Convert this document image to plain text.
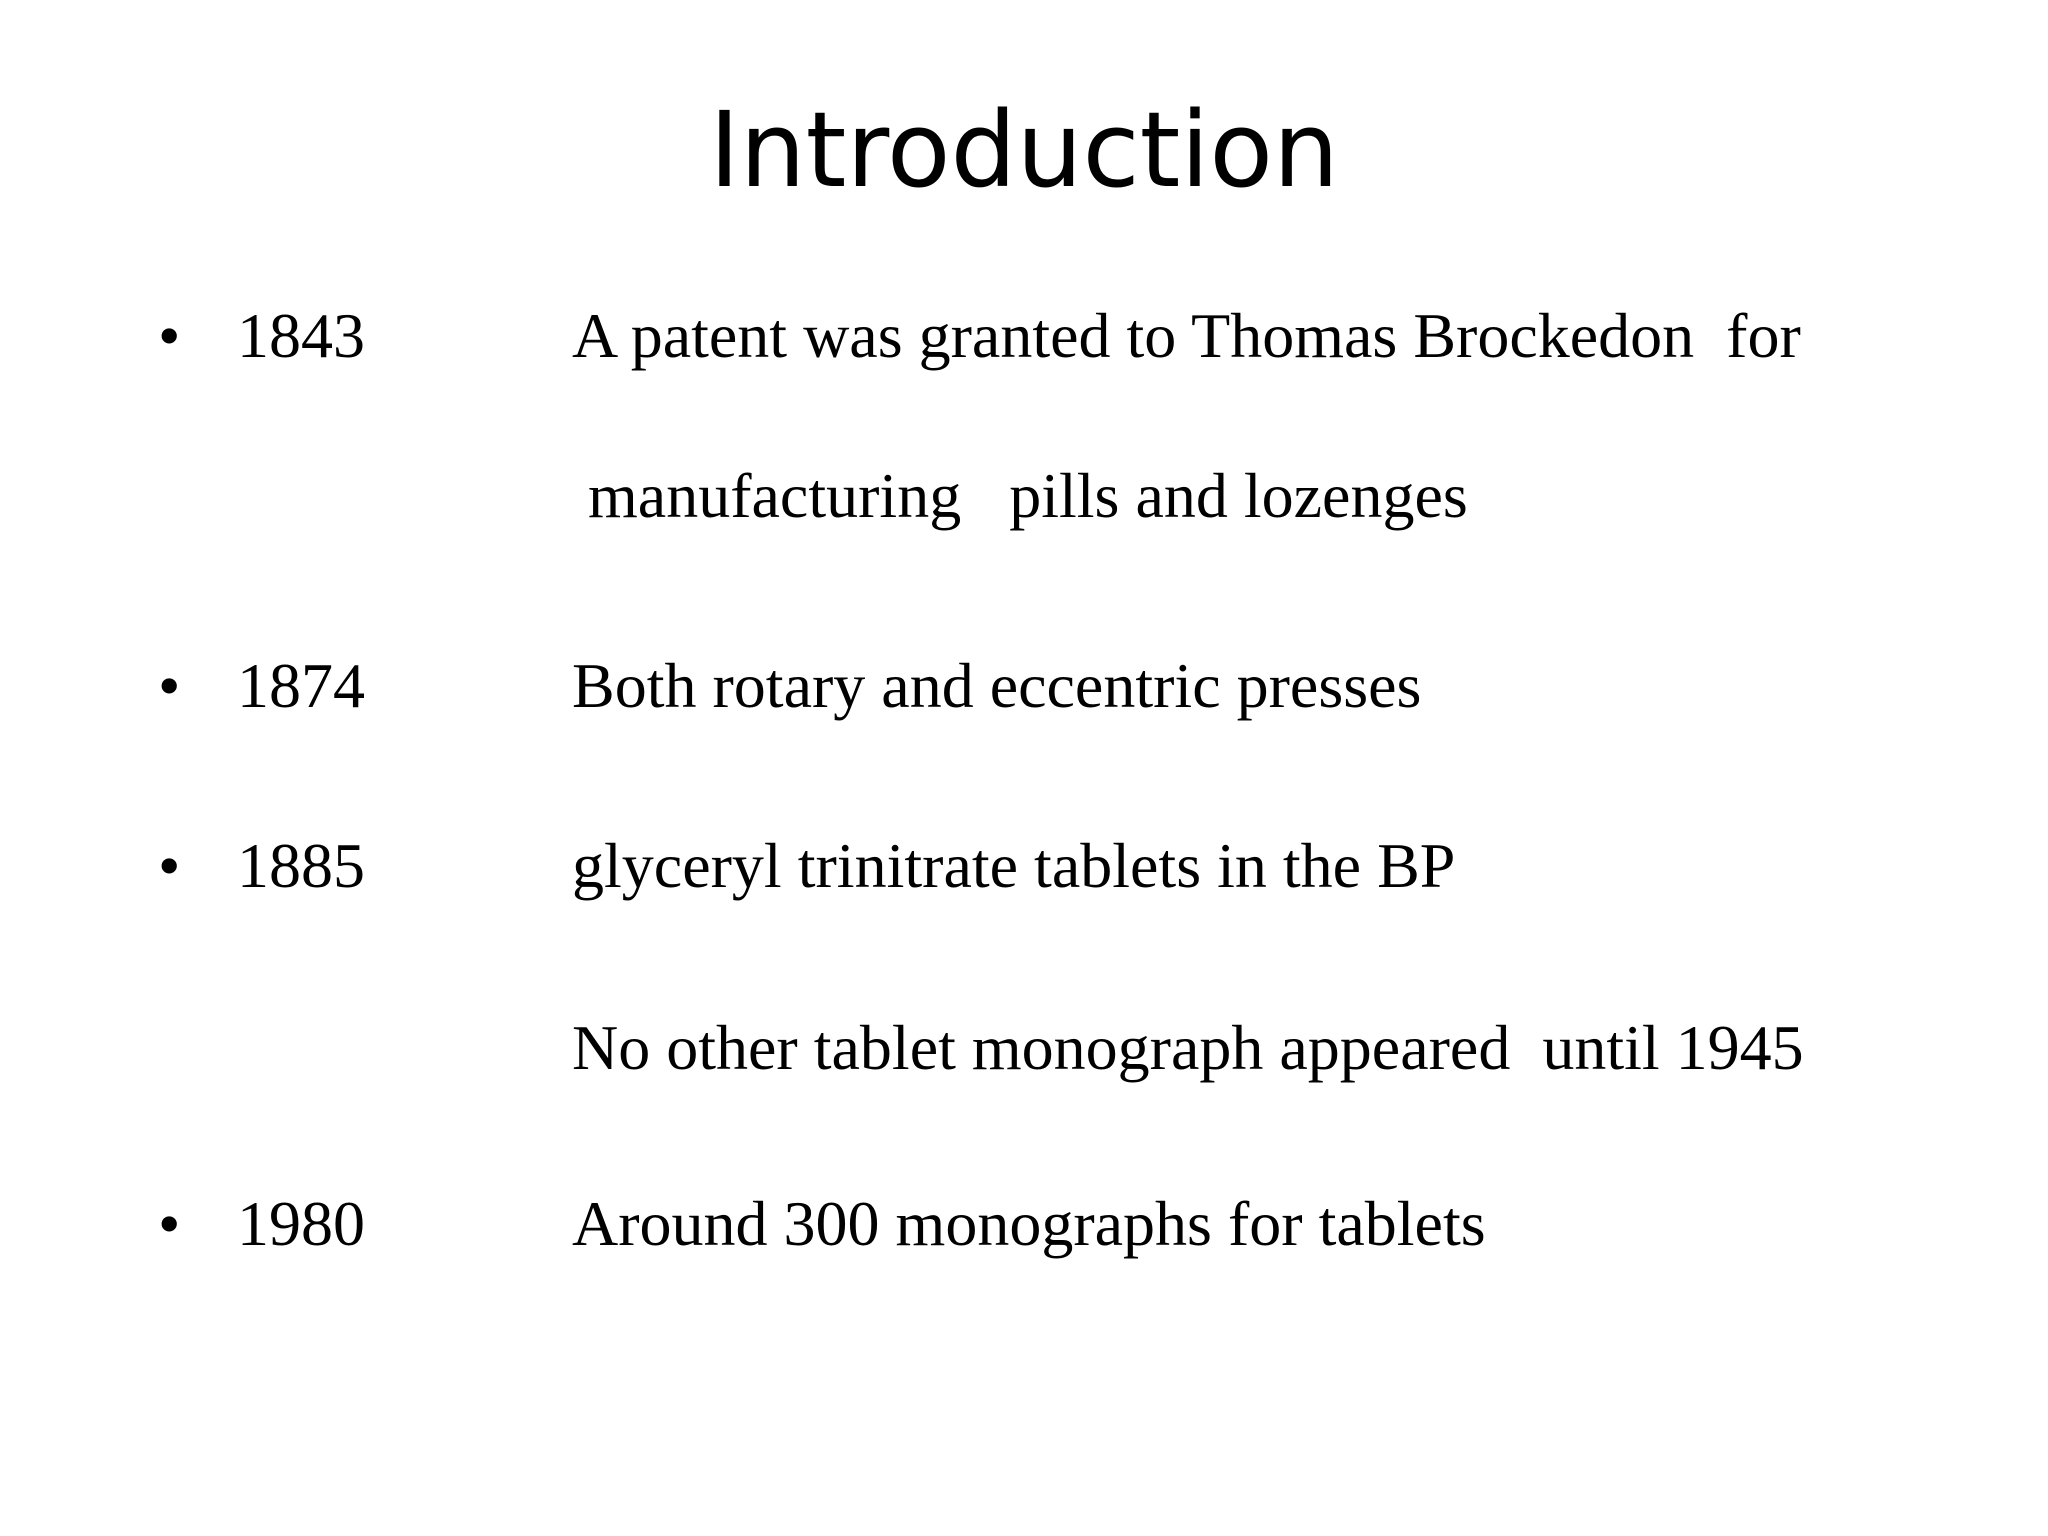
Introduction
• 1843	A patent was granted to Thomas Brockedon  for
manufacturing   pills and lozenges
• 1874	Both rotary and eccentric presses
• 1885	glyceryl trinitrate tablets in the BP
No other tablet monograph appeared  until 1945
• 1980	Around 300 monographs for tablets
